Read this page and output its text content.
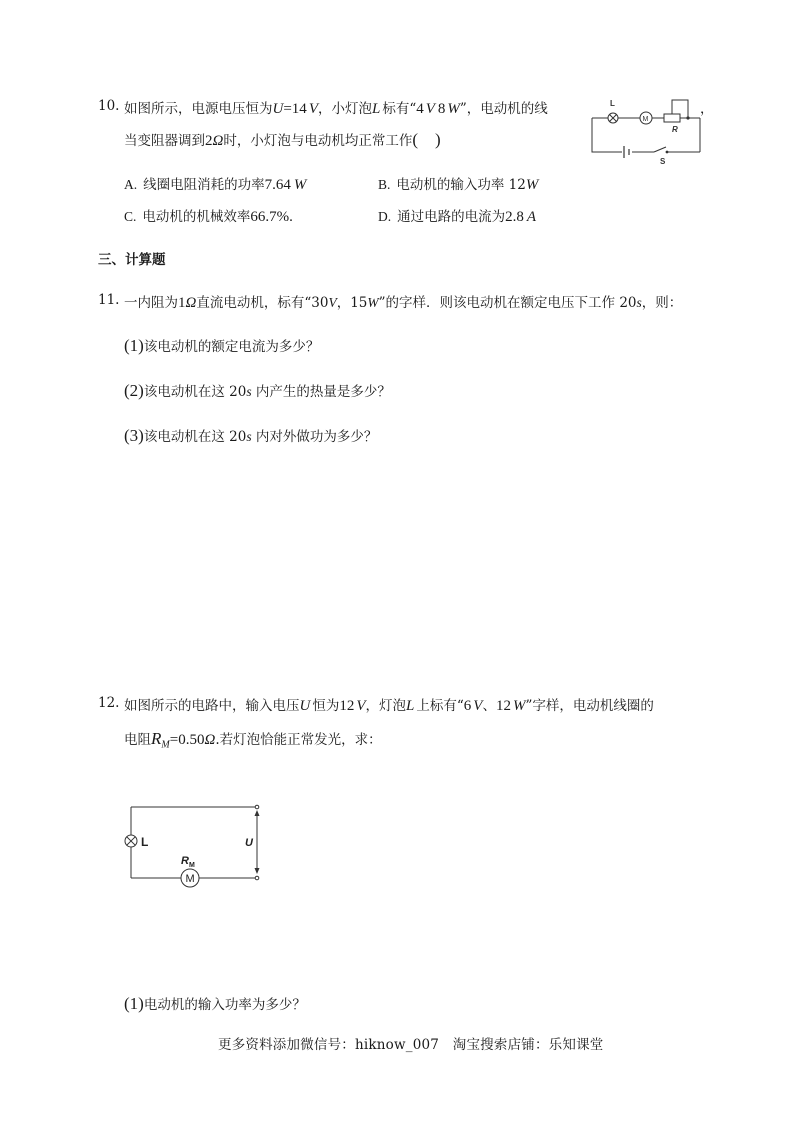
10. 如图所示，电源电压恒为U=14 V，小灯泡L 标有“4 V 8 W”，电动机的线	，
当变阻器调到2Ω时，小灯泡与电动机均正常工作(    )
L
M
R
S
A. 线圈电阻消耗的功率7.64 W	B. 电动机的输入功率 12W
C. 电动机的机械效率66.7%.	D. 通过电路的电流为2.8 A
三、计算题
11. 一内阻为1Ω直流电动机，标有“30V，15W”的字样．则该电动机在额定电压下工作 20s，则：
(1)该电动机的额定电流为多少？
(2)该电动机在这 20s 内产生的热量是多少？
(3)该电动机在这 20s 内对外做功为多少？
12. 如图所示的电路中，输入电压U 恒为12 V，灯泡L 上标有“6 V、12 W”字样，电动机线圈的
电阻$R_M=0.50\Omega$.若灯泡恰能正常发光，求：
L
$R_M$
M
U
(1)电动机的输入功率为多少？
更多资料添加微信号：hiknow_007　淘宝搜索店铺：乐知课堂
